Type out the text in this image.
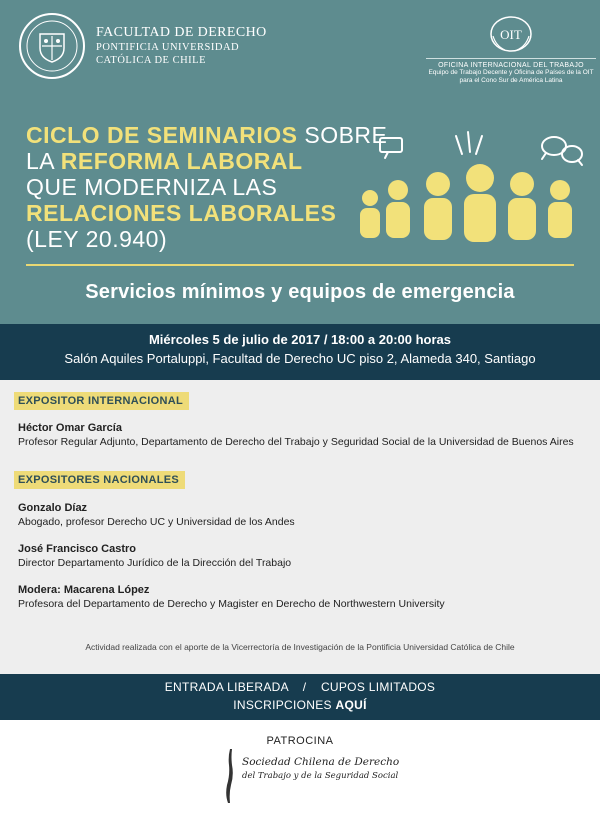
FACULTAD DE DERECHO
PONTIFICIA UNIVERSIDAD
CATÓLICA DE CHILE
OIT
OFICINA INTERNACIONAL DEL TRABAJO
Equipo de Trabajo Decente y Oficina de Países de la OIT
para el Cono Sur de América Latina
CICLO DE SEMINARIOS SOBRE
LA REFORMA LABORAL
QUE MODERNIZA LAS
RELACIONES LABORALES
(LEY 20.940)
Servicios mínimos y equipos de emergencia
Miércoles 5 de julio de 2017 / 18:00 a 20:00 horas
Salón Aquiles Portaluppi, Facultad de Derecho UC piso 2, Alameda 340, Santiago
EXPOSITOR INTERNACIONAL
Héctor Omar García
Profesor Regular Adjunto, Departamento de Derecho del Trabajo y Seguridad Social de la Universidad de Buenos Aires
EXPOSITORES NACIONALES
Gonzalo Díaz
Abogado, profesor Derecho UC y Universidad de los Andes
José Francisco Castro
Director Departamento Jurídico de la Dirección del Trabajo
Modera: Macarena López
Profesora del Departamento de Derecho y Magister en Derecho de Northwestern University
Actividad realizada con el aporte de la Vicerrectoría de Investigación de la Pontificia Universidad Católica de Chile
ENTRADA LIBERADA    /    CUPOS LIMITADOS
INSCRIPCIONES AQUÍ
PATROCINA
Sociedad Chilena de Derecho
del Trabajo y de la Seguridad Social
